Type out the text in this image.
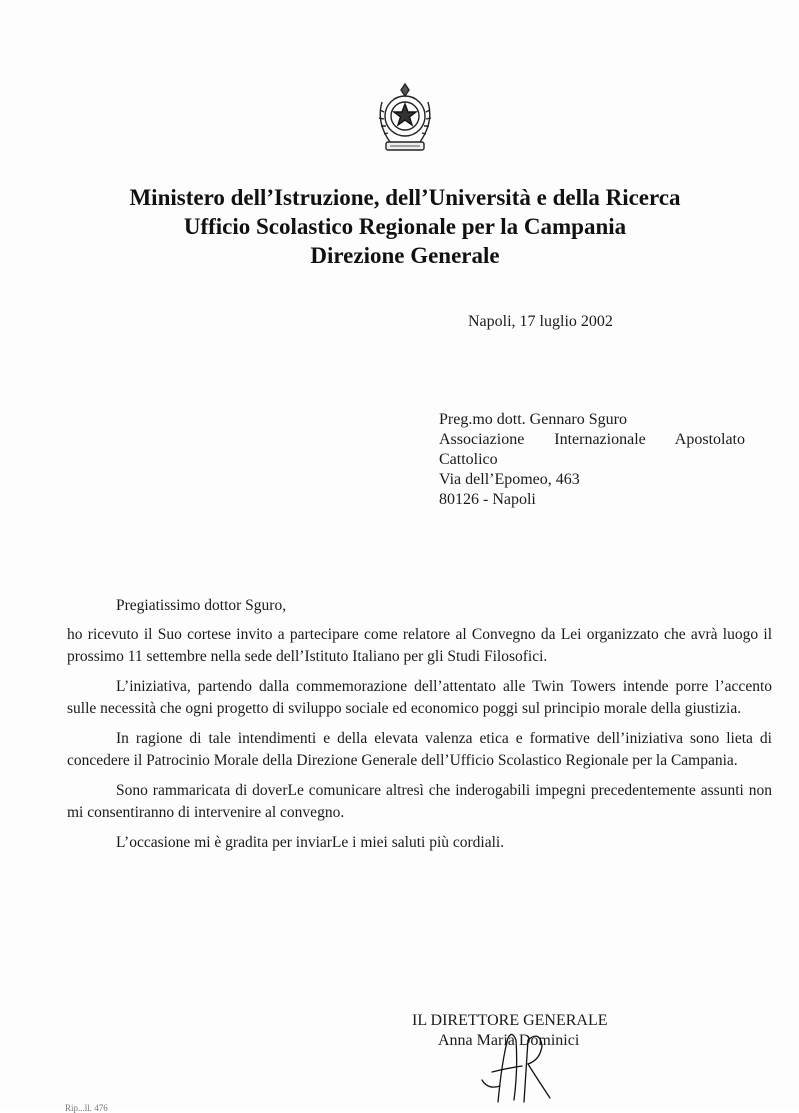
Ministero dell’Istruzione, dell’Università e della Ricerca
Ufficio Scolastico Regionale per la Campania
Direzione Generale
Napoli, 17 luglio 2002
Preg.mo dott. Gennaro Sguro
Associazione Internazionale Apostolato
Cattolico
Via dell’Epomeo, 463
80126 - Napoli
Pregiatissimo dottor Sguro,

ho ricevuto il Suo cortese invito a partecipare come relatore al Convegno da Lei organizzato che avrà luogo il prossimo 11 settembre nella sede dell’Istituto Italiano per gli Studi Filosofici.

L’iniziativa, partendo dalla commemorazione dell’attentato alle Twin Towers intende porre l’accento sulle necessità che ogni progetto di sviluppo sociale ed economico poggi sul principio morale della giustizia.

In ragione di tale intendimenti e della elevata valenza etica e formative dell’iniziativa sono lieta di concedere il Patrocinio Morale della Direzione Generale dell’Ufficio Scolastico Regionale per la Campania.

Sono rammaricata di doverLe comunicare altresì che inderogabili impegni precedentemente assunti non mi consentiranno di intervenire al convegno.

L’occasione mi è gradita per inviarLe i miei saluti più cordiali.

IL DIRETTORE GENERALE
Anna Maria Dominici
Rip...ll. 476
